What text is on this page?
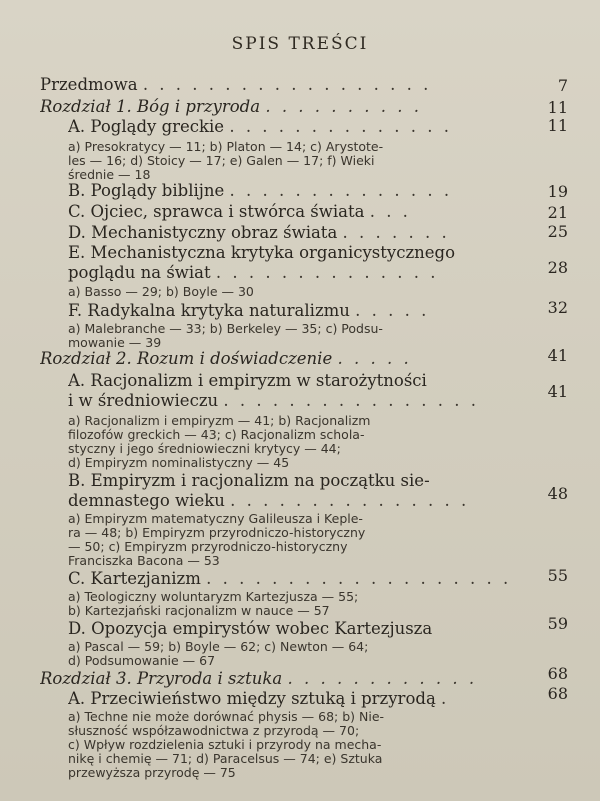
SPIS TREŚCI
Przedmowa . . . . . . . . . . . . . . . . . .	7
Rozdział 1. Bóg i przyroda . . . . . . . . . .	11
A. Poglądy greckie . . . . . . . . . . . . . .	11
a) Presokratycy — 11; b) Platon — 14; c) Arystote-
les — 16; d) Stoicy — 17; e) Galen — 17; f) Wieki
średnie — 18
B. Poglądy biblijne . . . . . . . . . . . . . .	19
C. Ojciec, sprawca i stwórca świata . . .	21
D. Mechanistyczny obraz świata . . . . . . .	25
E. Mechanistyczna krytyka organicystycznego
poglądu na świat . . . . . . . . . . . . . .	28
a) Basso — 29; b) Boyle — 30
F. Radykalna krytyka naturalizmu . . . . .	32
a) Malebranche — 33; b) Berkeley — 35; c) Podsu-
mowanie — 39
Rozdział 2. Rozum i doświadczenie . . . . .	41
A. Racjonalizm i empiryzm w starożytności
i w średniowieczu . . . . . . . . . . . . . . . .	41
a) Racjonalizm i empiryzm — 41; b) Racjonalizm
filozofów greckich — 43; c) Racjonalizm schola-
styczny i jego średniowieczni krytycy — 44;
d) Empiryzm nominalistyczny — 45
B. Empiryzm i racjonalizm na początku sie-
demnastego wieku . . . . . . . . . . . . . . .	48
a) Empiryzm matematyczny Galileusza i Keple-
ra — 48; b) Empiryzm przyrodniczo-historyczny
— 50; c) Empiryzm przyrodniczo-historyczny
Franciszka Bacona — 53
C. Kartezjanizm . . . . . . . . . . . . . . . . . . . 55
a) Teologiczny woluntaryzm Kartezjusza — 55;
b) Kartezjański racjonalizm w nauce — 57
D. Opozycja empirystów wobec Kartezjusza	59
a) Pascal — 59; b) Boyle — 62; c) Newton — 64;
d) Podsumowanie — 67
Rozdział 3. Przyroda i sztuka . . . . . . . . . . . .	68
A. Przeciwieństwo między sztuką i przyrodą .	68
a) Techne nie może dorównać physis — 68; b) Nie-
słuszność współzawodnictwa z przyrodą — 70;
c) Wpływ rozdzielenia sztuki i przyrody na mecha-
nikę i chemię — 71; d) Paracelsus — 74; e) Sztuka
przewyższa przyrodę — 75
